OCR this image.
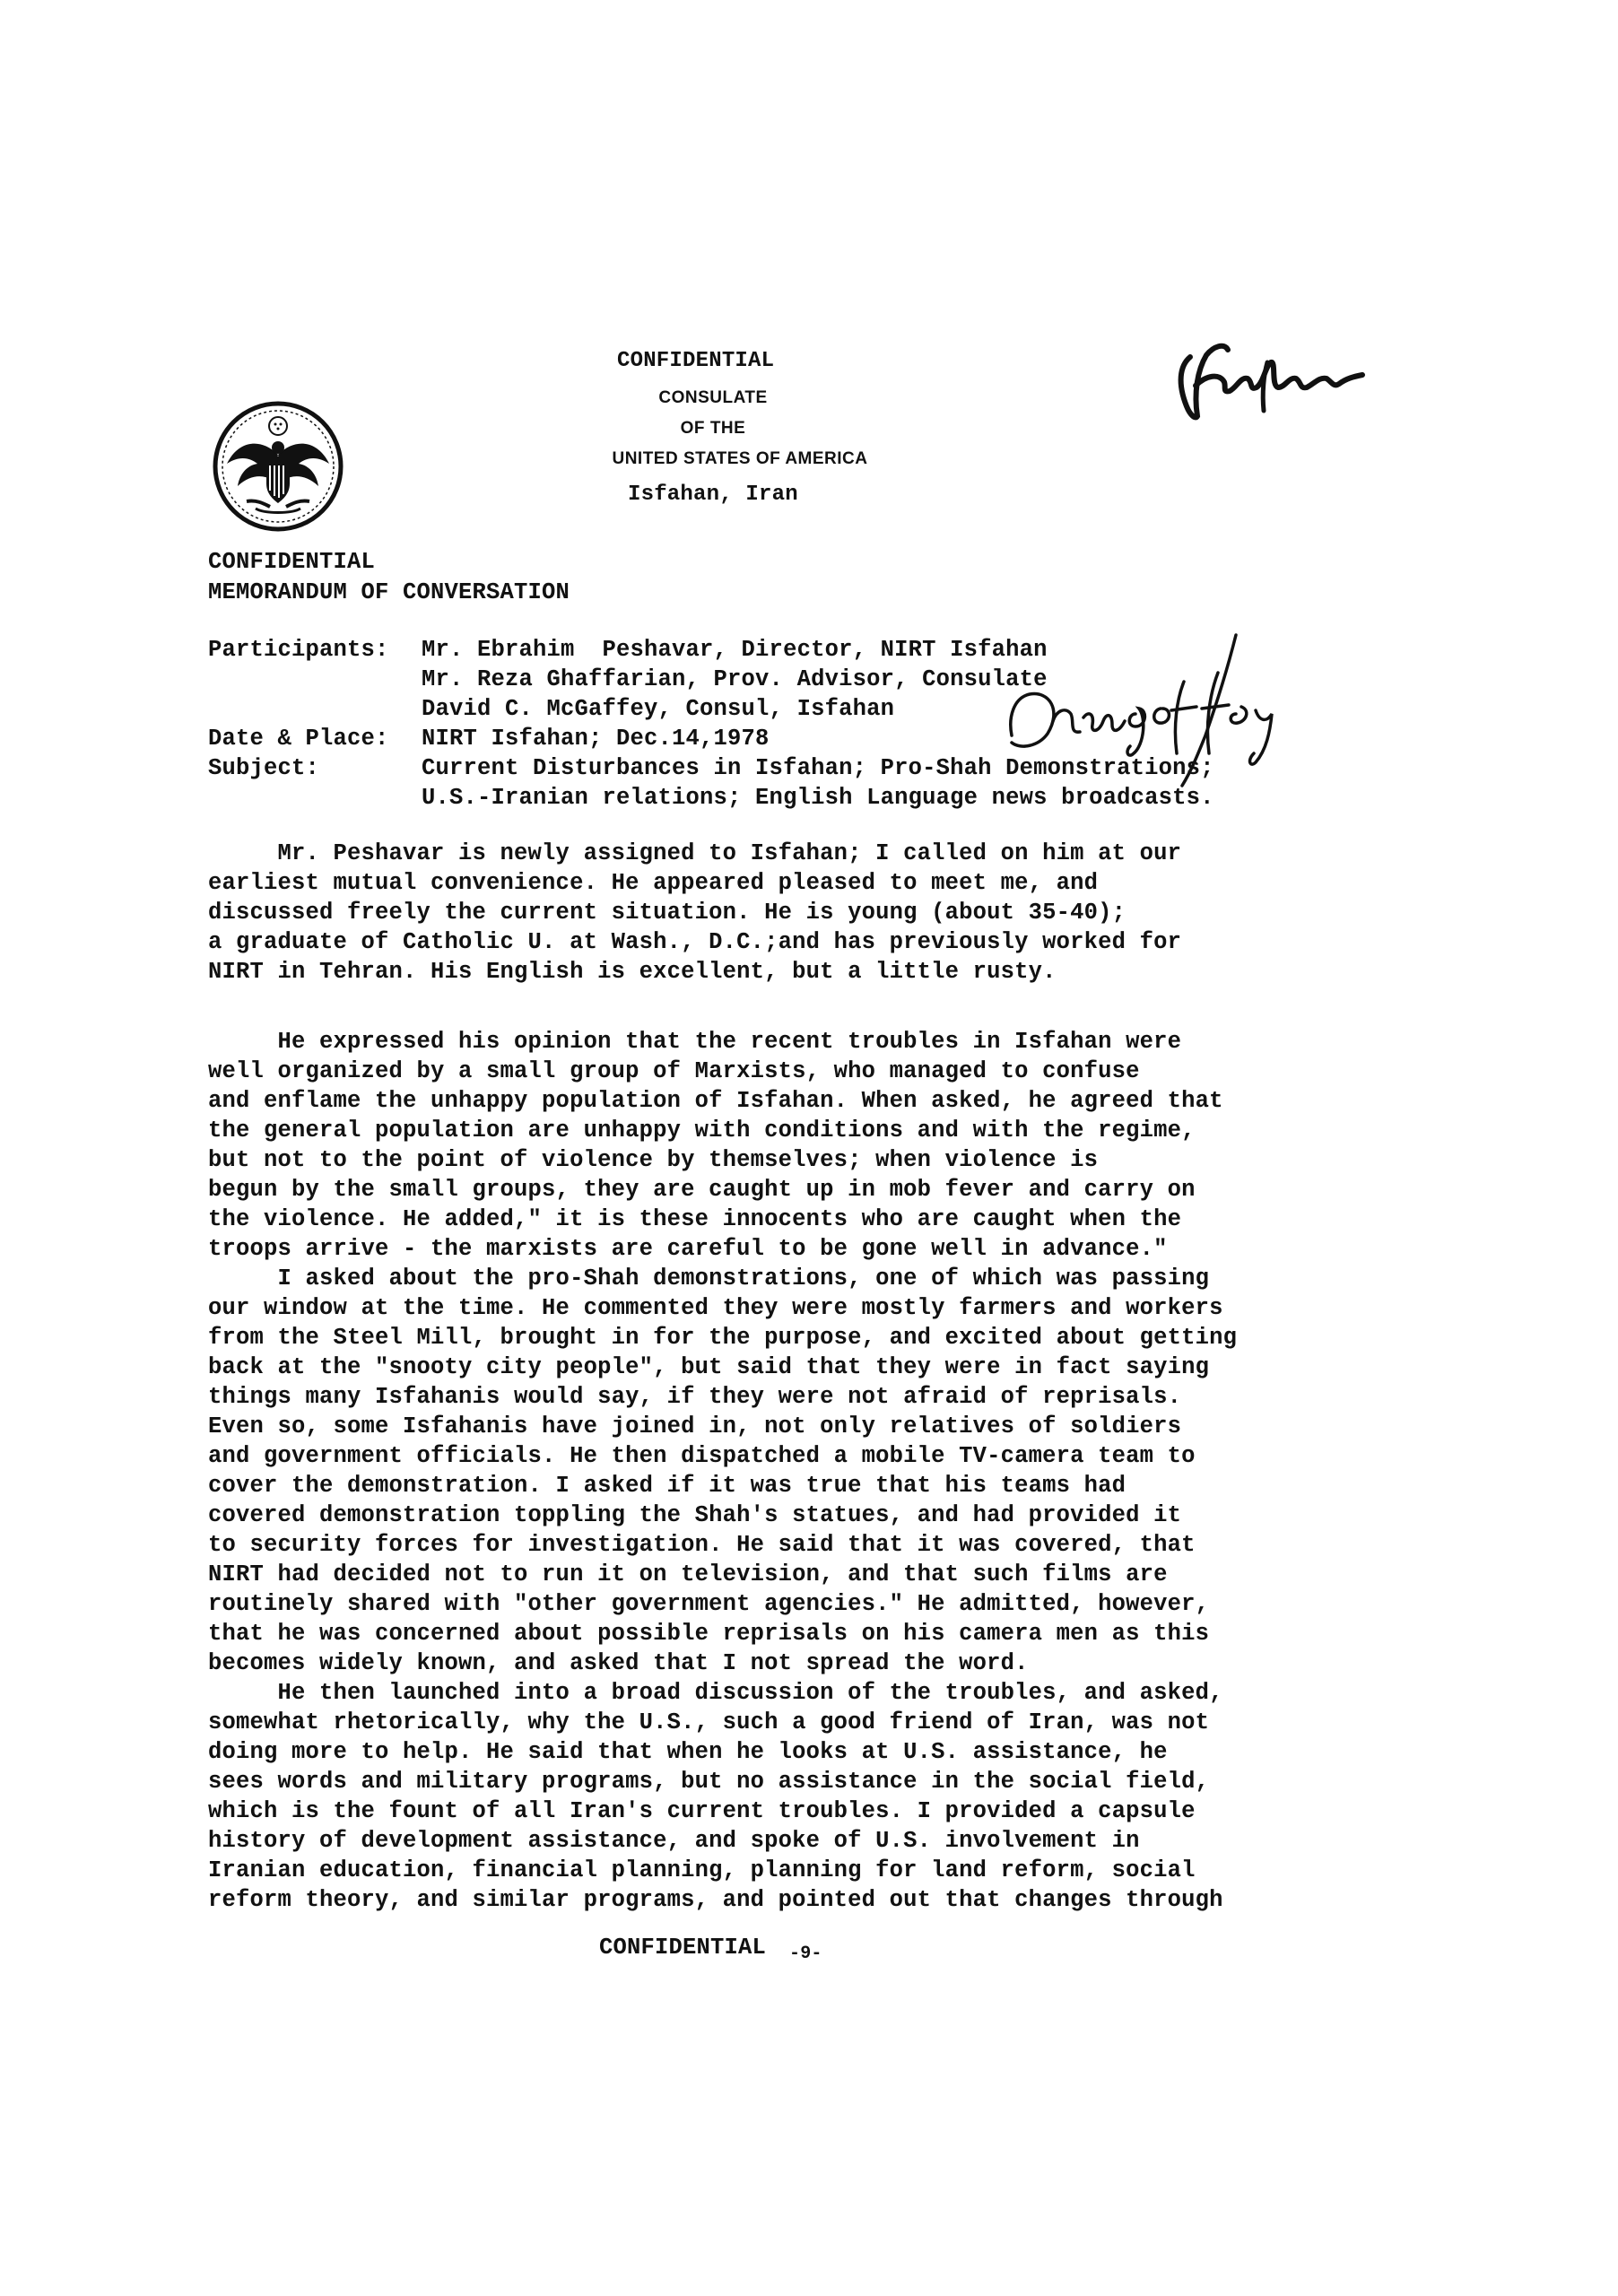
CONFIDENTIAL
CONSULATE
OF THE
UNITED STATES OF AMERICA
Isfahan, Iran
CONFIDENTIAL
MEMORANDUM OF CONVERSATION
Participants: Mr. Ebrahim  Peshavar, Director, NIRT Isfahan
Mr. Reza Ghaffarian, Prov. Advisor, Consulate
David C. McGaffey, Consul, Isfahan
Date & Place: NIRT Isfahan; Dec.14,1978
Subject:	Current Disturbances in Isfahan; Pro-Shah Demonstrations;
U.S.-Iranian relations; English Language news broadcasts.
Mr. Peshavar is newly assigned to Isfahan; I called on him at our
earliest mutual convenience. He appeared pleased to meet me, and
discussed freely the current situation. He is young (about 35-40);
a graduate of Catholic U. at Wash., D.C.;and has previously worked for
NIRT in Tehran. His English is excellent, but a little rusty.
He expressed his opinion that the recent troubles in Isfahan were
well organized by a small group of Marxists, who managed to confuse
and enflame the unhappy population of Isfahan. When asked, he agreed that
the general population are unhappy with conditions and with the regime,
but not to the point of violence by themselves; when violence is
begun by the small groups, they are caught up in mob fever and carry on
the violence. He added," it is these innocents who are caught when the
troops arrive - the marxists are careful to be gone well in advance."
I asked about the pro-Shah demonstrations, one of which was passing
our window at the time. He commented they were mostly farmers and workers
from the Steel Mill, brought in for the purpose, and excited about getting
back at the "snooty city people", but said that they were in fact saying
things many Isfahanis would say, if they were not afraid of reprisals.
Even so, some Isfahanis have joined in, not only relatives of soldiers
and government officials. He then dispatched a mobile TV-camera team to
cover the demonstration. I asked if it was true that his teams had
covered demonstration toppling the Shah's statues, and had provided it
to security forces for investigation. He said that it was covered, that
NIRT had decided not to run it on television, and that such films are
routinely shared with "other government agencies." He admitted, however,
that he was concerned about possible reprisals on his camera men as this
becomes widely known, and asked that I not spread the word.
He then launched into a broad discussion of the troubles, and asked,
somewhat rhetorically, why the U.S., such a good friend of Iran, was not
doing more to help. He said that when he looks at U.S. assistance, he
sees words and military programs, but no assistance in the social field,
which is the fount of all Iran's current troubles. I provided a capsule
history of development assistance, and spoke of U.S. involvement in
Iranian education, financial planning, planning for land reform, social
reform theory, and similar programs, and pointed out that changes through
CONFIDENTIAL -9-
